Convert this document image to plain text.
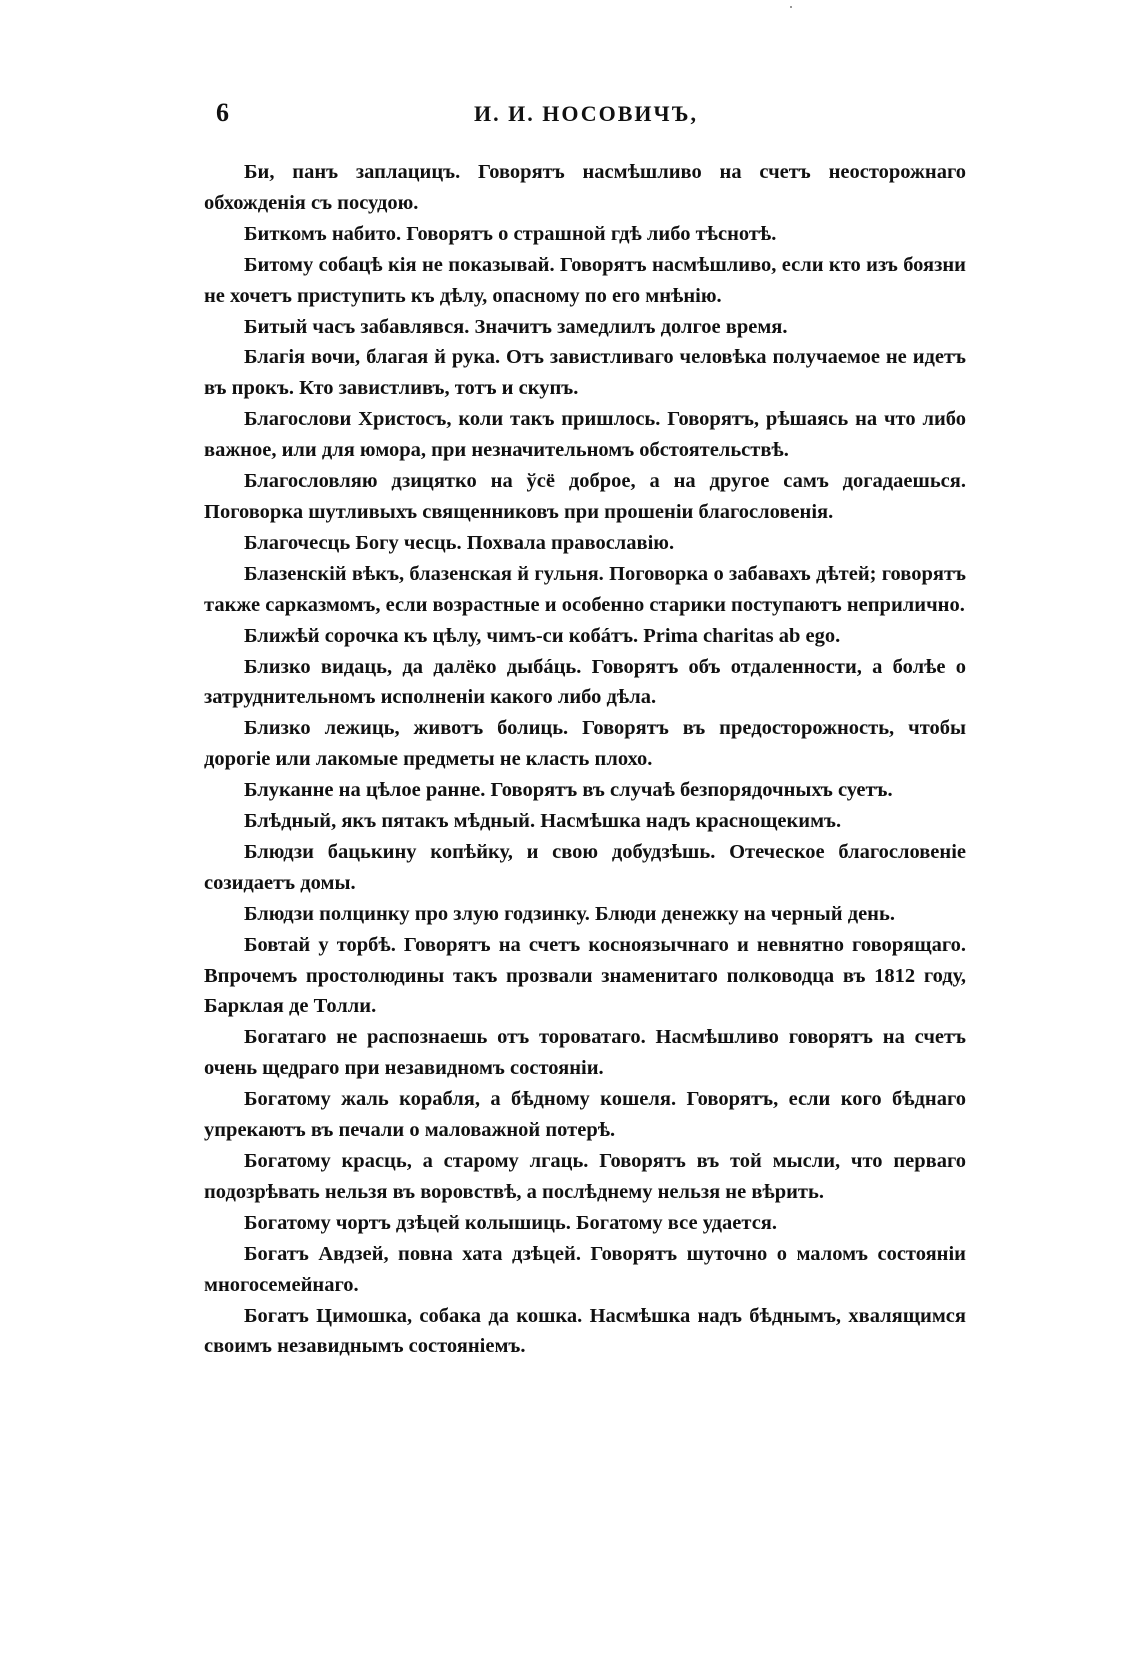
6	И. И. НОСОВИЧЪ,

Би, панъ заплацицъ. Говорятъ насмѣшливо на счетъ неосторожнаго обхожденія съ посудою.

Биткомъ набито. Говорятъ о страшной гдѣ либо тѣснотѣ.

Битому собацѣ кія не показывай. Говорятъ насмѣшливо, если кто изъ боязни не хочетъ приступить къ дѣлу, опасному по его мнѣнію.

Битый часъ забавлявся. Значитъ замедлилъ долгое время.

Благія вочи, благая й рука. Отъ завистливаго человѣка получаемое не идетъ въ прокъ. Кто завистливъ, тотъ и скупъ.

Благослови Христосъ, коли такъ пришлось. Говорятъ, рѣшаясь на что либо важное, или для юмора, при незначительномъ обстоятельствѣ.

Благословляю дзицятко на ўсё доброе, а на другое самъ догадаешься. Поговорка шутливыхъ священниковъ при прошеніи благословенія.

Благочесць Богу чесць. Похвала православію.

Блазенскій вѣкъ, блазенская й гульня. Поговорка о забавахъ дѣтей; говорятъ также сарказмомъ, если возрастные и особенно старики поступаютъ неприлично.

Ближѣй сорочка къ цѣлу, чимъ-си кобáтъ. Prima charitas ab ego.

Близко видаць, да далёко дыбáць. Говорятъ объ отдаленности, а болѣе о затруднительномъ исполненіи какого либо дѣла.

Близко лежиць, животъ болиць. Говорятъ въ предосторожность, чтобы дорогіе или лакомые предметы не класть плохо.

Блуканне на цѣлое ранне. Говорятъ въ случаѣ безпорядочныхъ суетъ.

Блѣдный, якъ пятакъ мѣдный. Насмѣшка надъ краснощекимъ.

Блюдзи бацькину копѣйку, и свою добудзѣшь. Отеческое благословеніе созидаетъ домы.

Блюдзи полцинку про злую годзинку. Блюди денежку на черный день.

Бовтай у торбѣ. Говорятъ на счетъ косноязычнаго и невнятно говорящаго. Впрочемъ простолюдины такъ прозвали знаменитаго полководца въ 1812 году, Барклая де Толли.

Богатаго не распознаешь отъ тороватаго. Насмѣшливо говорятъ на счетъ очень щедраго при незавидномъ состояніи.

Богатому жаль корабля, а бѣдному кошеля. Говорятъ, если кого бѣднаго упрекаютъ въ печали о маловажной потерѣ.

Богатому красць, а старому лгаць. Говорятъ въ той мысли, что перваго подозрѣвать нельзя въ воровствѣ, а послѣднему нельзя не вѣрить.

Богатому чортъ дзѣцей колышиць. Богатому все удается.

Богатъ Авдзей, повна хата дзѣцей. Говорятъ шуточно о маломъ состояніи многосемейнаго.

Богатъ Цимошка, собака да кошка. Насмѣшка надъ бѣднымъ, хвалящимся своимъ незавиднымъ состояніемъ.
